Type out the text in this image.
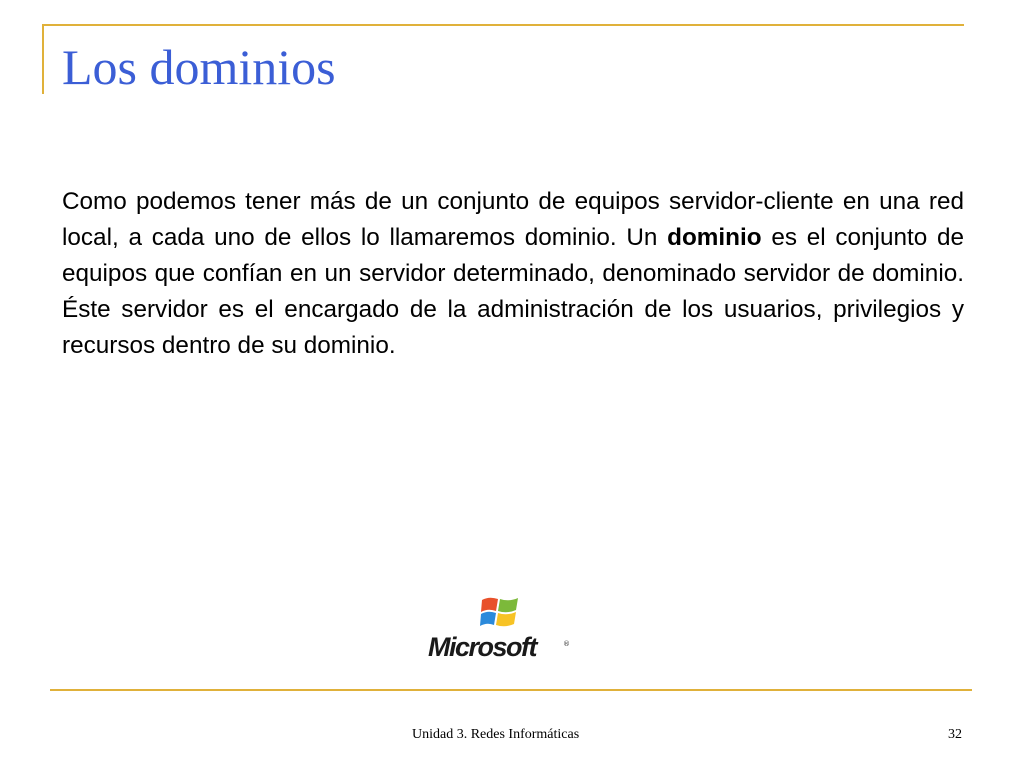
Los dominios

Como podemos tener más de un conjunto de equipos servidor-cliente en una red local, a cada uno de ellos lo llamaremos dominio. Un dominio es el conjunto de equipos que confían en un servidor determinado, denominado servidor de dominio. Éste servidor es el encargado de la administración de los usuarios, privilegios y recursos dentro de su dominio.

Microsoft	®
Unidad 3. Redes Informáticas	32
